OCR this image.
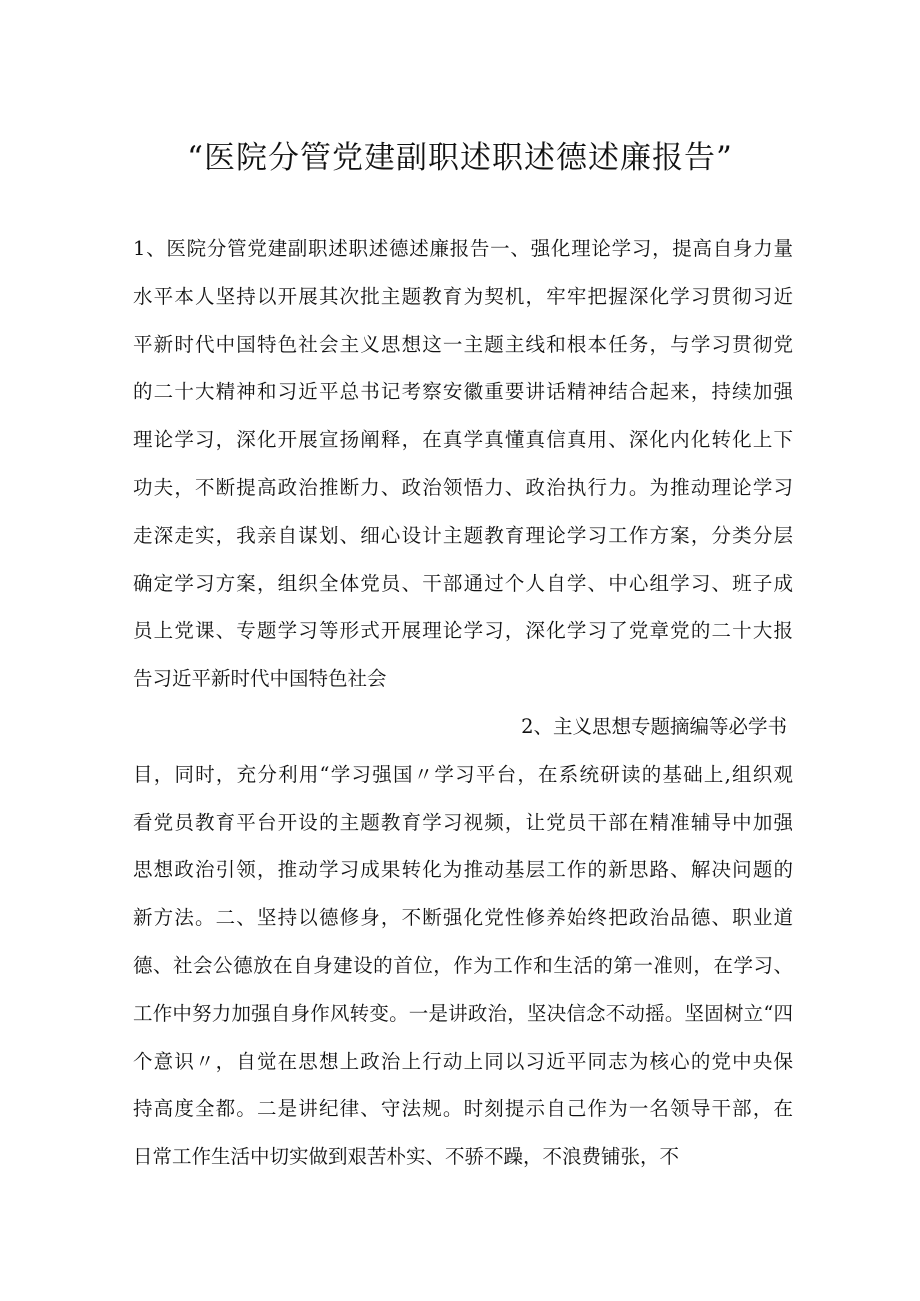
“医院分管党建副职述职述德述廉报告”
1、医院分管党建副职述职述德述廉报告一、强化理论学习，提高自身力量
水平本人坚持以开展其次批主题教育为契机，牢牢把握深化学习贯彻习近
平新时代中国特色社会主义思想这一主题主线和根本任务，与学习贯彻党
的二十大精神和习近平总书记考察安徽重要讲话精神结合起来，持续加强
理论学习，深化开展宣扬阐释，在真学真懂真信真用、深化内化转化上下
功夫，不断提高政治推断力、政治领悟力、政治执行力。为推动理论学习
走深走实，我亲自谋划、细心设计主题教育理论学习工作方案，分类分层
确定学习方案，组织全体党员、干部通过个人自学、中心组学习、班子成
员上党课、专题学习等形式开展理论学习，深化学习了党章党的二十大报
告习近平新时代中国特色社会
2、主义思想专题摘编等必学书
目，同时，充分利用“学习强国〃学习平台，在系统研读的基础上,组织观
看党员教育平台开设的主题教育学习视频，让党员干部在精准辅导中加强
思想政治引领，推动学习成果转化为推动基层工作的新思路、解决问题的
新方法。二、坚持以德修身，不断强化党性修养始终把政治品德、职业道
德、社会公德放在自身建设的首位，作为工作和生活的第一准则，在学习、
工作中努力加强自身作风转变。一是讲政治，坚决信念不动摇。坚固树立“四
个意识〃，自觉在思想上政治上行动上同以习近平同志为核心的党中央保
持高度全都。二是讲纪律、守法规。时刻提示自己作为一名领导干部，在
日常工作生活中切实做到艰苦朴实、不骄不躁，不浪费铺张，不
